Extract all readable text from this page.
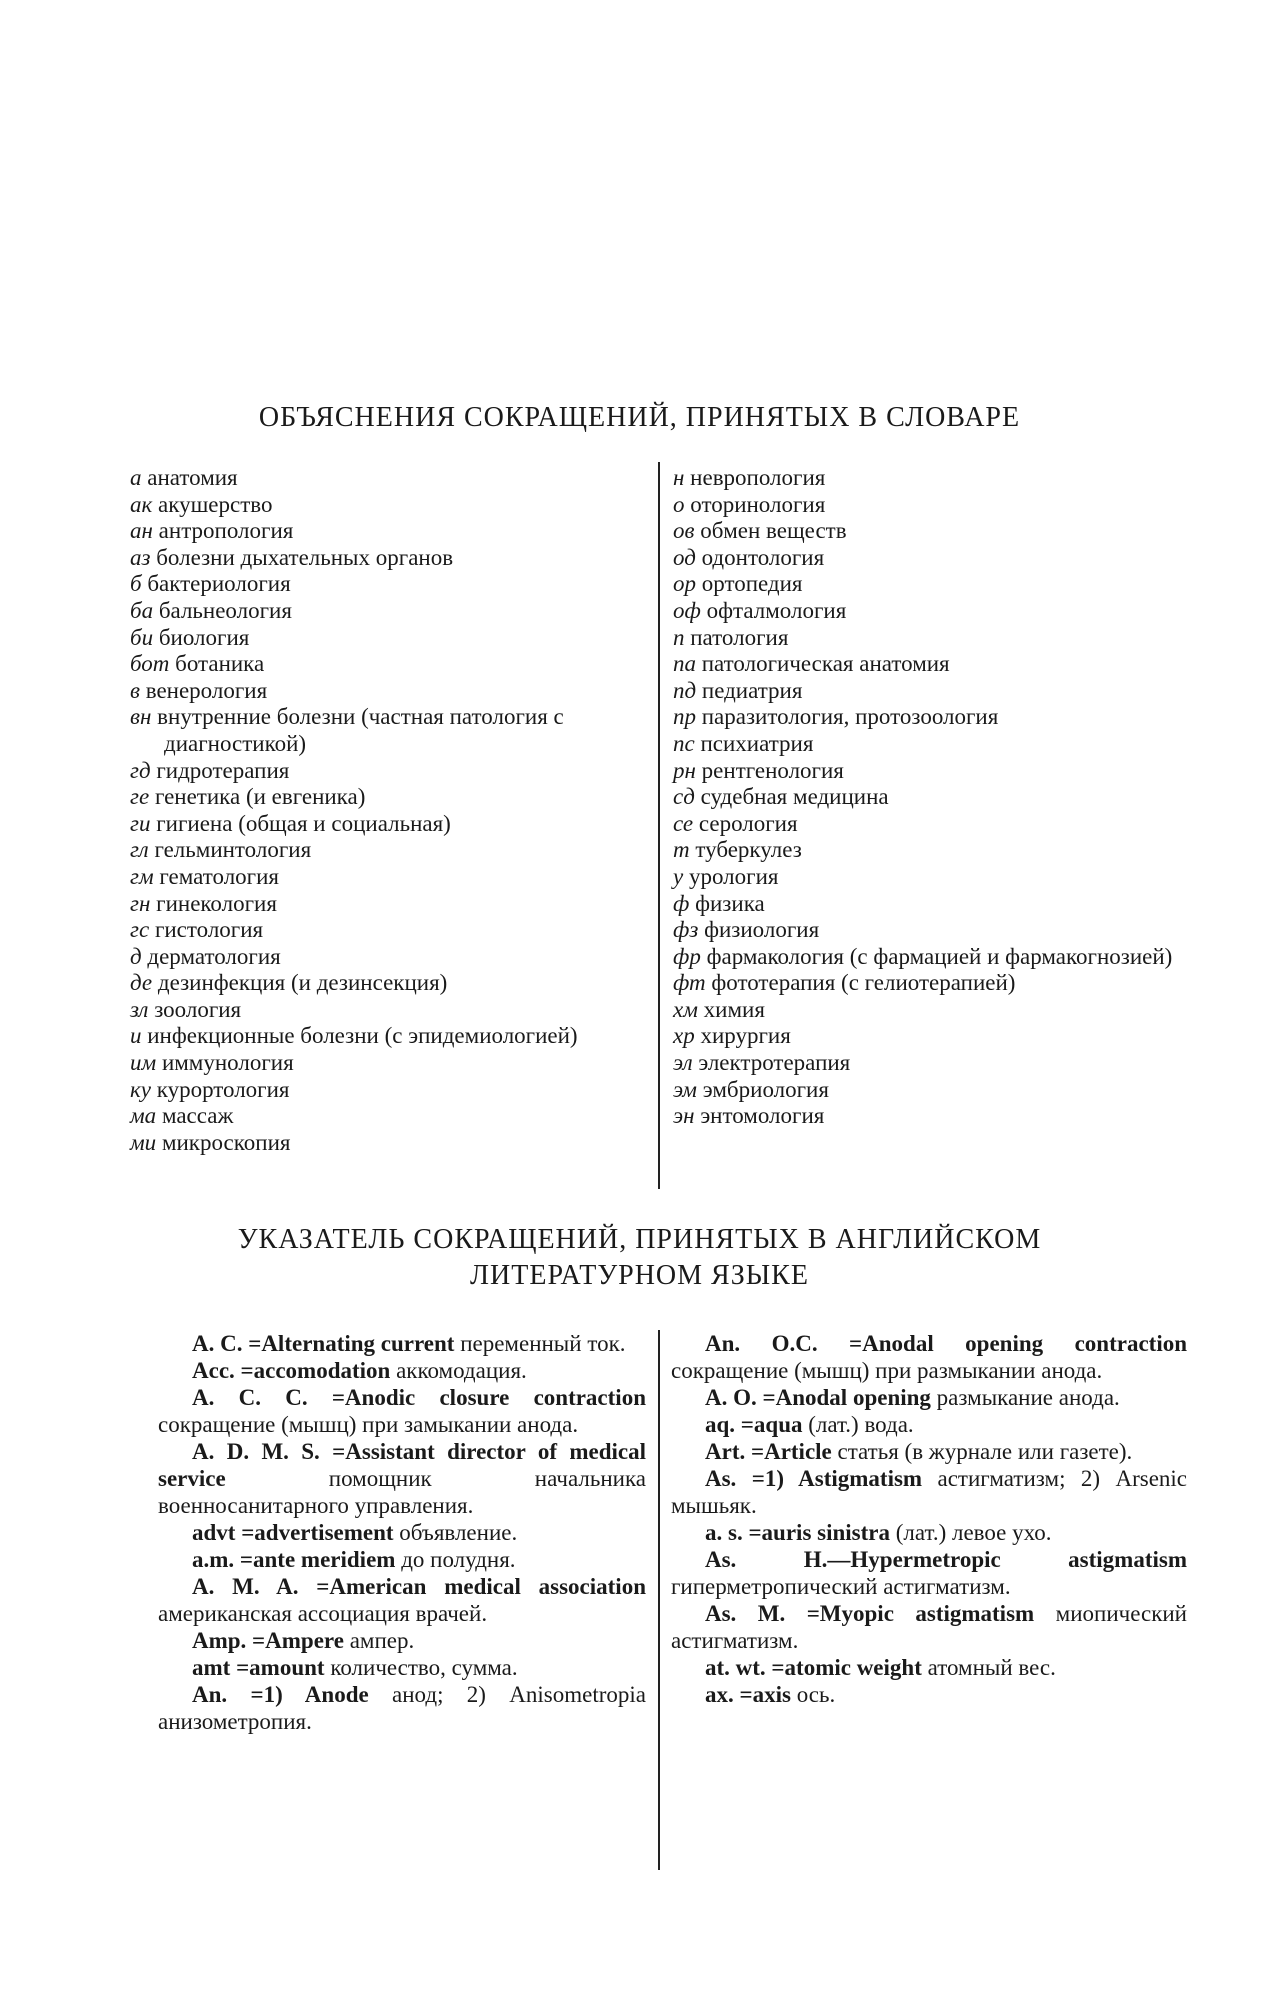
ОБЪЯСНЕНИЯ СОКРАЩЕНИЙ, ПРИНЯТЫХ В СЛОВАРЕ
а анатомия
ак акушерство
ан антропология
аз болезни дыхательных органов
б бактериология
ба бальнеология
би биология
бот ботаника
в венерология
вн внутренние болезни (частная патология с диагностикой)
гд гидротерапия
ге генетика (и евгеника)
ги гигиена (общая и социальная)
гл гельминтология
гм гематология
гн гинекология
гс гистология
д дерматология
де дезинфекция (и дезинсекция)
зл зоология
и инфекционные болезни (с эпидемиологией)
им иммунология
ку курортология
ма массаж
ми микроскопия
н невропология
о оторинология
ов обмен веществ
од одонтология
ор ортопедия
оф офталмология
п патология
па патологическая анатомия
пд педиатрия
пр паразитология, протозоология
пс психиатрия
рн рентгенология
сд судебная медицина
се серология
т туберкулез
у урология
ф физика
фз физиология
фр фармакология (с фармацией и фармакогнозией)
фт фототерапия (с гелиотерапией)
хм химия
хр хирургия
эл электротерапия
эм эмбриология
эн энтомология
УКАЗАТЕЛЬ СОКРАЩЕНИЙ, ПРИНЯТЫХ В АНГЛИЙСКОМ
ЛИТЕРАТУРНОМ ЯЗЫКЕ
A. C. =Alternating current переменный ток.
Acc. =accomodation аккомодация.
A. C. C. =Anodic closure contraction сокращение (мышц) при замыкании анода.
A. D. M. S. =Assistant director of medical service	помощник начальника военносанитарного управления.
advt =advertisement объявление.
a.m. =ante meridiem до полудня.
A. M. A. =American medical association американская ассоциация врачей.
Amp. =Ampere ампер.
amt =amount количество, сумма.
An. =1) Anode анод; 2) Anisometropia анизометропия.
An. O.C. =Anodal opening contraction сокращение (мышц) при размыкании анода.
A. O. =Anodal opening размыкание анода.
aq. =aqua (лат.) вода.
Art. =Article статья (в журнале или газете).
As. =1) Astigmatism астигматизм; 2) Arsenic мышьяк.
a. s. =auris sinistra (лат.) левое ухо.
As. H.—Hypermetropic astigmatism гиперметропический астигматизм.
As. M. =Myopic astigmatism миопический астигматизм.
at. wt. =atomic weight атомный вес.
ax. =axis ось.
